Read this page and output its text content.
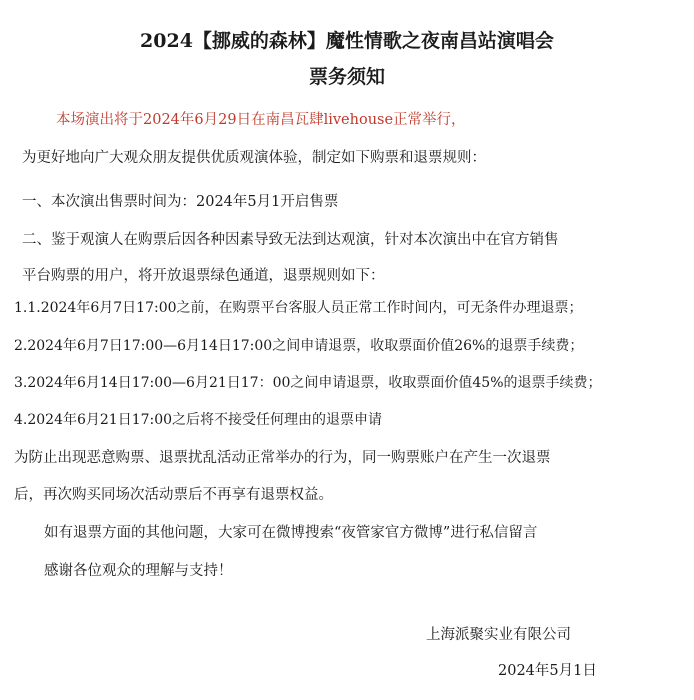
2024【挪威的森林】魔性情歌之夜南昌站演唱会
票务须知
本场演出将于2024年6月29日在南昌瓦肆livehouse正常举行，
为更好地向广大观众朋友提供优质观演体验，制定如下购票和退票规则：
一、本次演出售票时间为：2024年5月1开启售票
二、鉴于观演人在购票后因各种因素导致无法到达观演，针对本次演出中在官方销售
平台购票的用户，将开放退票绿色通道，退票规则如下：
1.1.2024年6月7日17:00之前，在购票平台客服人员正常工作时间内，可无条件办理退票；
2.2024年6月7日17:00—6月14日17:00之间申请退票，收取票面价值26%的退票手续费；
3.2024年6月14日17:00—6月21日17：00之间申请退票，收取票面价值45%的退票手续费；
4.2024年6月21日17:00之后将不接受任何理由的退票申请
为防止出现恶意购票、退票扰乱活动正常举办的行为，同一购票账户在产生一次退票
后，再次购买同场次活动票后不再享有退票权益。
如有退票方面的其他问题，大家可在微博搜索“夜管家官方微博”进行私信留言
感谢各位观众的理解与支持！
上海派聚实业有限公司
2024年5月1日
